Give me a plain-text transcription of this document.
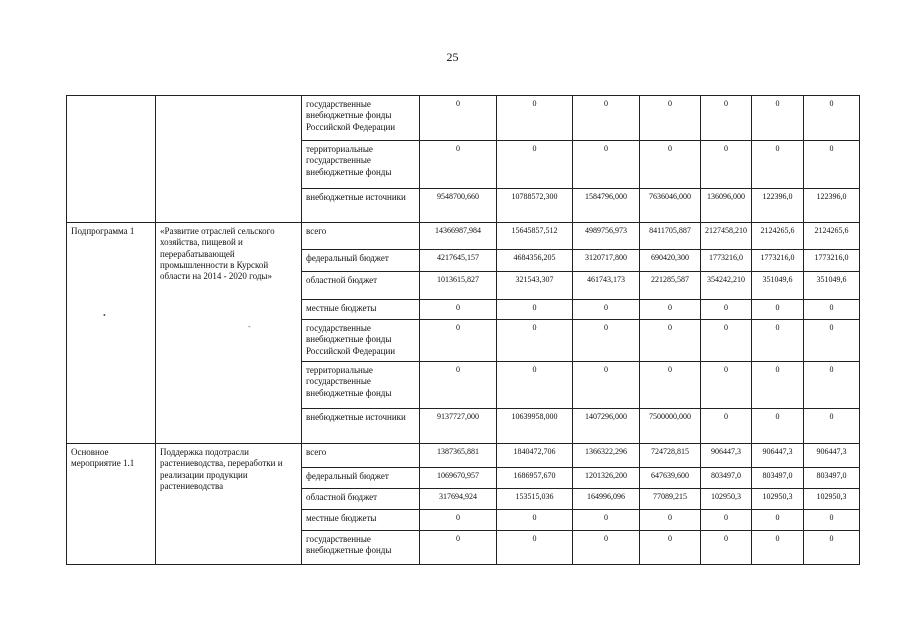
25
		государственные внебюджетные фонды Российской Федерации	0	0	0	0	0	0	0
		территориальные государственные внебюджетные фонды	0	0	0	0	0	0	0
		внебюджетные источники	9548700,660	10788572,300	1584796,000	7636046,000	136096,000	122396,0	122396,0
Подпрограмма 1	«Развитие отраслей сельского хозяйства, пищевой и перерабатывающей промышленности в Курской области на 2014 - 2020 годы»	всего	14366987,984	15645857,512	4989756,973	8411705,887	2127458,210	2124265,6	2124265,6
		федеральный бюджет	4217645,157	4684356,205	3120717,800	690420,300	1773216,0	1773216,0	1773216,0
		областной бюджет	1013615,827	321543,307	461743,173	221285,587	354242,210	351049,6	351049,6
		местные бюджеты	0	0	0	0	0	0	0
		государственные внебюджетные фонды Российской Федерации	0	0	0	0	0	0	0
		территориальные государственные внебюджетные фонды	0	0	0	0	0	0	0
		внебюджетные источники	9137727,000	10639958,000	1407296,000	7500000,000	0	0	0
Основное мероприятие 1.1	Поддержка подотрасли растениеводства, переработки и реализации продукции растениеводства	всего	1387365,881	1840472,706	1366322,296	724728,815	906447,3	906447,3	906447,3
		федеральный бюджет	1069670,957	1686957,670	1201326,200	647639,600	803497,0	803497,0	803497,0
		областной бюджет	317694,924	153515,036	164996,096	77089,215	102950,3	102950,3	102950,3
		местные бюджеты	0	0	0	0	0	0	0
		государственные внебюджетные фонды	0	0	0	0	0	0	0
•
-
